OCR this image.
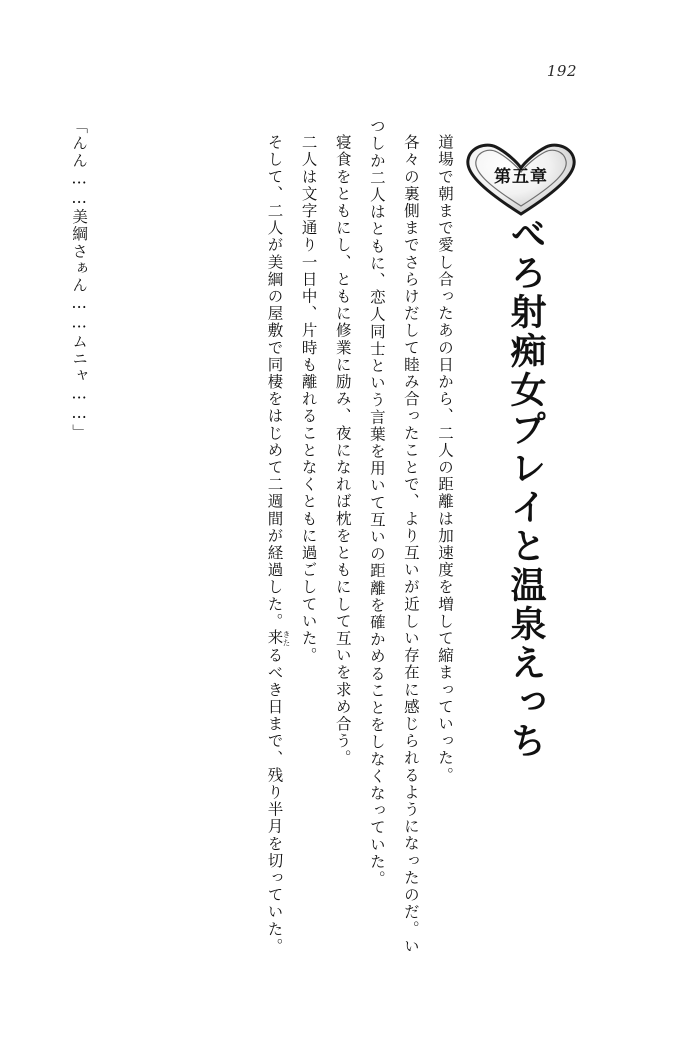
192
第五章
べろ射痴女プレイと温泉えっち

道場で朝まで愛し合ったあの日から、二人の距離は加速度を増して縮まっていった。

各々の裏側までさらけだして睦み合ったことで、より互いが近しい存在に感じられるようになったのだ。いつしか二人はともに、恋人同士という言葉を用いて互いの距離を確かめることをしなくなっていた。

寝食をともにし、ともに修業に励み、夜になれば枕をともにして互いを求め合う。

二人は文字通り一日中、片時も離れることなくともに過ごしていた。

そして、二人が美綱の屋敷で同棲をはじめて二週間が経過した。来きたるべき日まで、残り半月を切っていた。

「んん……美綱さぁん……ムニャ……」
